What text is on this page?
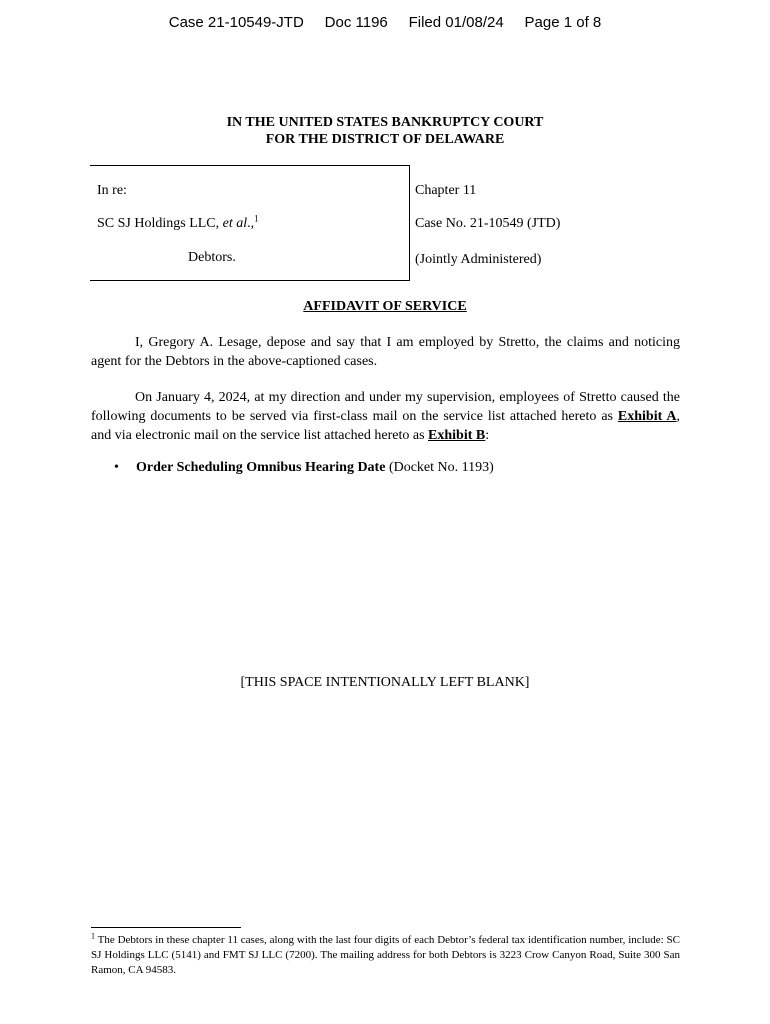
Case 21-10549-JTD Doc 1196 Filed 01/08/24 Page 1 of 8
IN THE UNITED STATES BANKRUPTCY COURT
FOR THE DISTRICT OF DELAWARE
In re:
SC SJ Holdings LLC, et al.,$^1$
Debtors.
Chapter 11
Case No. 21-10549 (JTD)
(Jointly Administered)
AFFIDAVIT OF SERVICE
I, Gregory A. Lesage, depose and say that I am employed by Stretto, the claims and noticing agent for the Debtors in the above-captioned cases.
On January 4, 2024, at my direction and under my supervision, employees of Stretto caused the following documents to be served via first-class mail on the service list attached hereto as Exhibit A, and via electronic mail on the service list attached hereto as Exhibit B:
• Order Scheduling Omnibus Hearing Date (Docket No. 1193)
[THIS SPACE INTENTIONALLY LEFT BLANK]
$^1$ The Debtors in these chapter 11 cases, along with the last four digits of each Debtor’s federal tax identification number, include: SC SJ Holdings LLC (5141) and FMT SJ LLC (7200). The mailing address for both Debtors is 3223 Crow Canyon Road, Suite 300 San Ramon, CA 94583.
